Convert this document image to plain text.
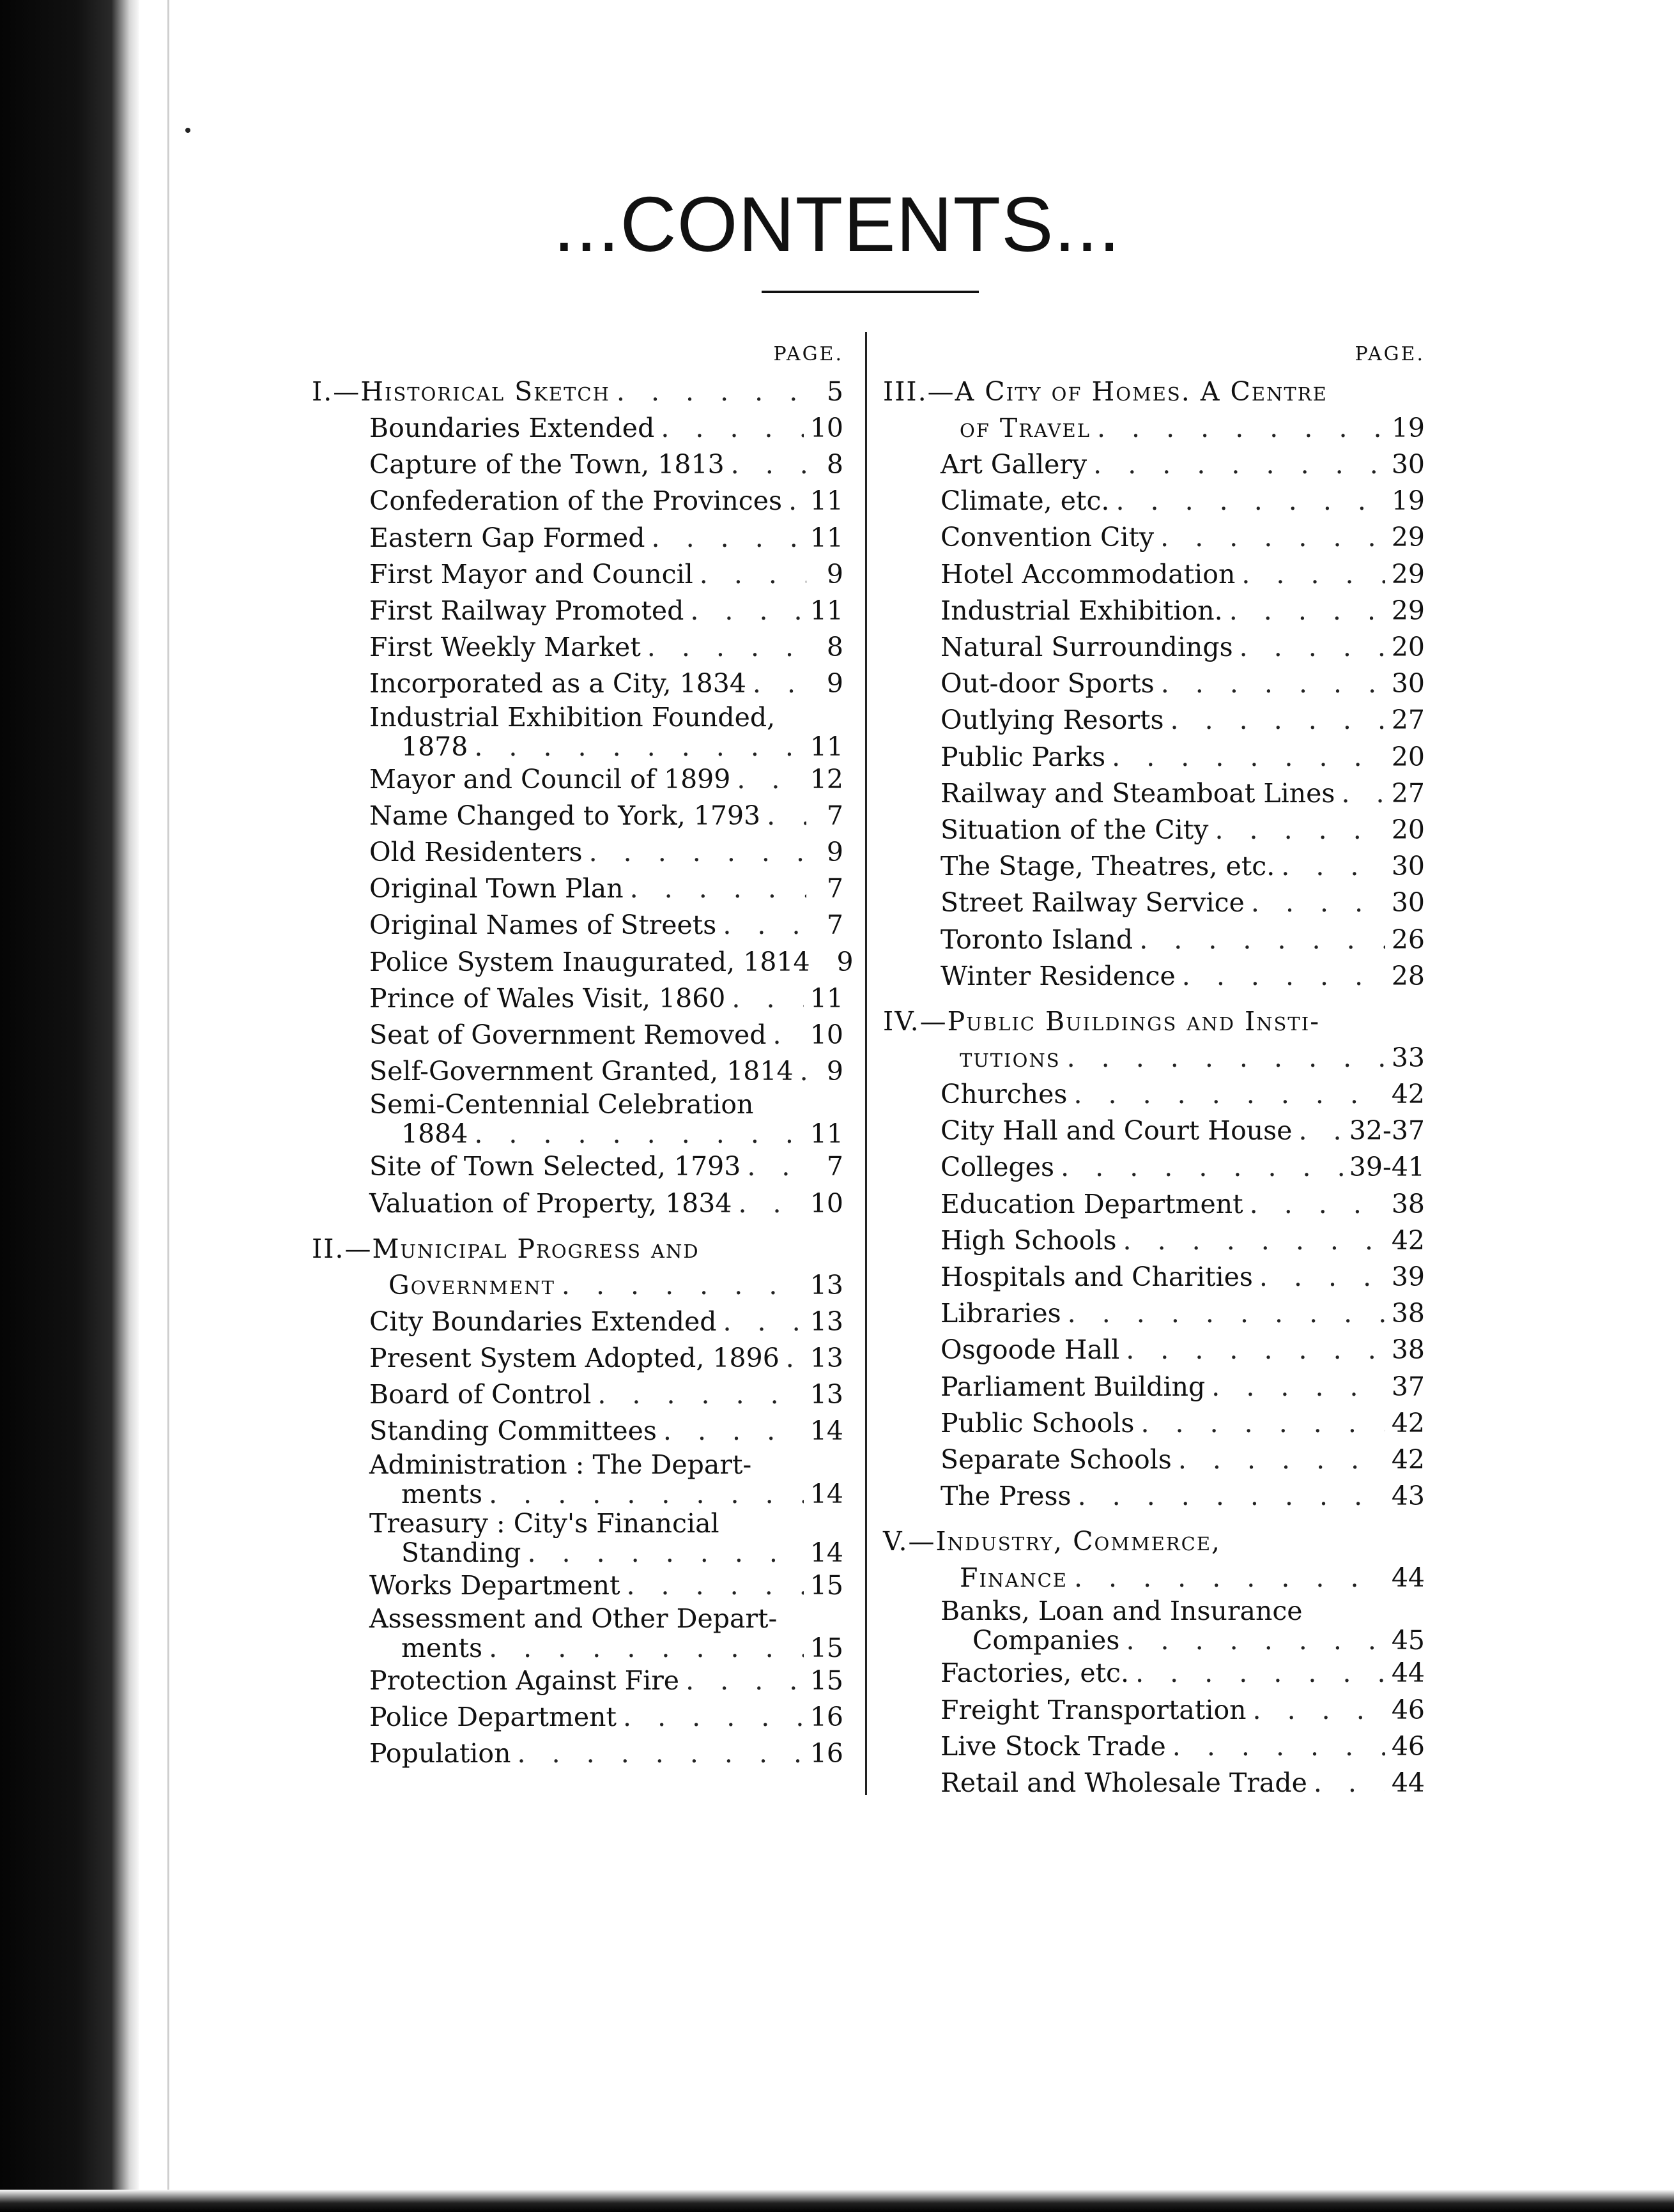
...CONTENTS...
PAGE.
I.—Historical Sketch . . .	5
Boundaries Extended . . .	10
Capture of the Town, 1813 . . .	8
Confederation of the Provinces . . . 11
Eastern Gap Formed . . .	11
First Mayor and Council . . .	9
First Railway Promoted . . .	11
First Weekly Market . . .	8
Incorporated as a City, 1834 . . .	9
Industrial Exhibition Founded,
1878 . . .	11
Mayor and Council of 1899 . . .	12
Name Changed to York, 1793 . . .	7
Old Residenters . . .	9
Original Town Plan . . .	7
Original Names of Streets . . .	7
Police System Inaugurated, 1814	9
Prince of Wales Visit, 1860 . . .	11
Seat of Government Removed . . . 10
Self-Government Granted, 1814 . . .	9
Semi-Centennial Celebration
1884 . . .	11
Site of Town Selected, 1793 . . .	7
Valuation of Property, 1834 . . .	10
II.—Municipal Progress and
Government . . .	13
City Boundaries Extended . . .	13
Present System Adopted, 1896 . . . 13
Board of Control . . .	13
Standing Committees . . .	14
Administration : The Depart-
ments . . .	14
Treasury : City's Financial
Standing . . .	14
Works Department . . .	15
Assessment and Other Depart-
ments . . .	15
Protection Against Fire . . .	15
Police Department . . .	16
Population . . .	16
PAGE.
III.—A City of Homes. A Centre
of Travel . . .	19
Art Gallery . . .	30
Climate, etc. . . .	19
Convention City . . .	29
Hotel Accommodation . . .	29
Industrial Exhibition. . . .	29
Natural Surroundings . . .	20
Out-door Sports . . .	30
Outlying Resorts . . .	27
Public Parks . . .	20
Railway and Steamboat Lines . . . 27
Situation of the City . . .	20
The Stage, Theatres, etc. . . .	30
Street Railway Service . . .	30
Toronto Island . . .	26
Winter Residence . . .	28
IV.—Public Buildings and Insti-
tutions . . .	33
Churches . . .	42
City Hall and Court House . . . 32-37
Colleges . . .	39-41
Education Department . . .	38
High Schools . . .	42
Hospitals and Charities . . .	39
Libraries . . .	38
Osgoode Hall . . .	38
Parliament Building . . .	37
Public Schools . . .	42
Separate Schools . . .	42
The Press . . .	43
V.—Industry, Commerce,
Finance . . .	44
Banks, Loan and Insurance
Companies . . .	45
Factories, etc. . . .	44
Freight Transportation . . .	46
Live Stock Trade . . .	46
Retail and Wholesale Trade . . .	44
